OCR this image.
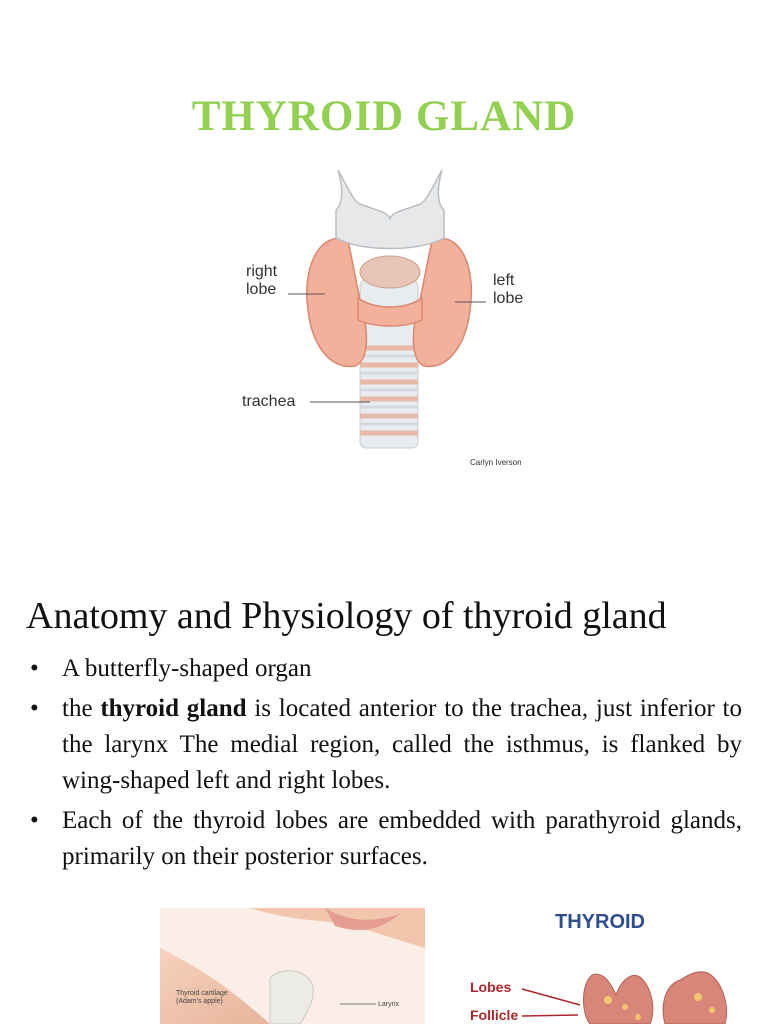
THYROID GLAND
right
lobe
left
lobe
trachea
Carlyn Iverson
Anatomy and Physiology of thyroid gland
• A butterfly-shaped organ
• the thyroid gland is located anterior to the trachea, just inferior to the larynx The medial region, called the isthmus, is flanked by wing-shaped left and right lobes.
• Each of the thyroid lobes are embedded with parathyroid glands, primarily on their posterior surfaces.
Thyroid cartilage
(Adam's apple)	Larynx
THYROID
Lobes
Follicle
